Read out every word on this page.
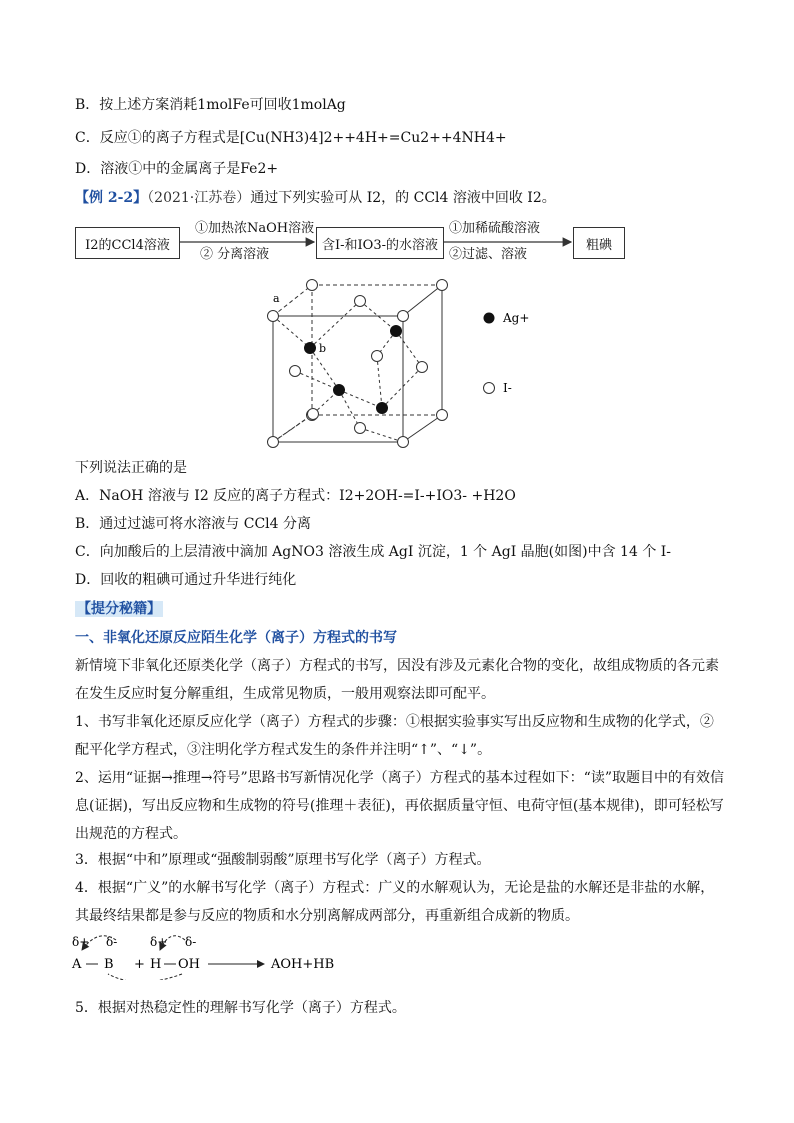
B．按上述方案消耗1molFe可回收1molAg
C．反应①的离子方程式是[Cu(NH3)4]2++4H+=Cu2++4NH4+
D．溶液①中的金属离子是Fe2+
【例 2-2】（2021·江苏卷）通过下列实验可从 I2，的 CCl4 溶液中回收 I2。
I2的CCl4溶液
①加热浓NaOH溶液
② 分离溶液
含I-和IO3-的水溶液
①加稀硫酸溶液
②过滤、溶液
粗碘
a
b
Ag+
I-
下列说法正确的是
A．NaOH 溶液与 I2 反应的离子方程式：I2+2OH-=I-+IO3- +H2O
B．通过过滤可将水溶液与 CCl4 分离
C．向加酸后的上层清液中滴加 AgNO3 溶液生成 AgI 沉淀，1 个 AgI 晶胞(如图)中含 14 个 I-
D．回收的粗碘可通过升华进行纯化
【提分秘籍】
一、非氧化还原反应陌生化学（离子）方程式的书写
新情境下非氧化还原类化学（离子）方程式的书写，因没有涉及元素化合物的变化，故组成物质的各元素在发生反应时复分解重组，生成常见物质，一般用观察法即可配平。
1、书写非氧化还原反应化学（离子）方程式的步骤：①根据实验事实写出反应物和生成物的化学式，②配平化学方程式，③注明化学方程式发生的条件并注明“↑”、“↓”。
2、运用“证据→推理→符号”思路书写新情况化学（离子）方程式的基本过程如下：“读”取题目中的有效信息(证据)，写出反应物和生成物的符号(推理＋表征)，再依据质量守恒、电荷守恒(基本规律)，即可轻松写出规范的方程式。
3．根据“中和”原理或“强酸制弱酸”原理书写化学（离子）方程式。
4．根据“广义”的水解书写化学（离子）方程式：广义的水解观认为，无论是盐的水解还是非盐的水解，其最终结果都是参与反应的物质和水分别离解成两部分，再重新组合成新的物质。
δ+ δ-	δ+ δ-
A B + H OH	AOH+HB
5．根据对热稳定性的理解书写化学（离子）方程式。
